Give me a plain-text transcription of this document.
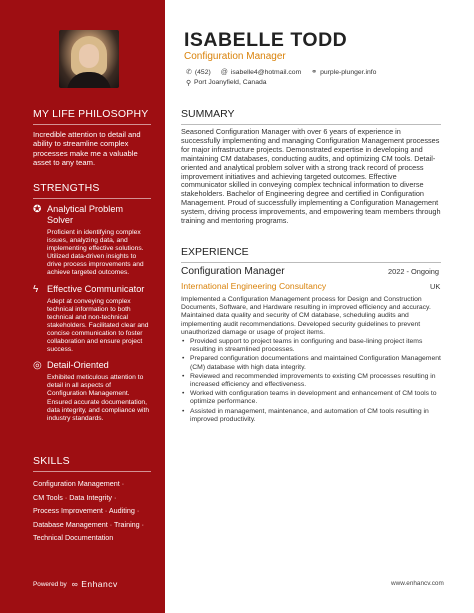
MY LIFE PHILOSOPHY
Incredible attention to detail and ability to streamline complex processes make me a valuable asset to any team.
STRENGTHS
✪ Analytical Problem Solver
Proficient in identifying complex issues, analyzing data, and implementing effective solutions. Utilized data-driven insights to drive process improvements and achieve targeted outcomes.
ϟ Effective Communicator
Adept at conveying complex technical information to both technical and non-technical stakeholders. Facilitated clear and concise communication to foster collaboration and ensure project success.
◎ Detail-Oriented
Exhibited meticulous attention to detail in all aspects of Configuration Management. Ensured accurate documentation, data integrity, and compliance with industry standards.
SKILLS
Configuration Management ·
CM Tools · Data Integrity ·
Process Improvement · Auditing ·
Database Management · Training ·
Technical Documentation
Powered by ∞ Enhancv
ISABELLE TODD
Configuration Manager
✆ (452) @ isabelle4@hotmail.com ⚭ purple-plunger.info
⚲ Port Joanyfield, Canada
SUMMARY
Seasoned Configuration Manager with over 6 years of experience in successfully implementing and managing Configuration Management processes for major infrastructure projects. Demonstrated expertise in developing and maintaining CM databases, conducting audits, and optimizing CM tools. Detail-oriented and analytical problem solver with a strong track record of process improvement initiatives and achieving targeted outcomes. Effective communicator skilled in conveying complex technical information to diverse stakeholders. Bachelor of Engineering degree and certified in Configuration Management. Proud of successfully implementing a Configuration Management system, driving process improvements, and empowering team members through training and mentoring programs.
EXPERIENCE
Configuration Manager	2022 - Ongoing
International Engineering Consultancy	UK
Implemented a Configuration Management process for Design and Construction Documents, Software, and Hardware resulting in improved efficiency and accuracy. Maintained data quality and security of CM database, scheduling audits and implementing audit recommendations. Developed security guidelines to prevent unauthorized damage or usage of project items.
• Provided support to project teams in configuring and base-lining project items resulting in streamlined processes.
• Prepared configuration documentations and maintained Configuration Management (CM) database with high data integrity.
• Reviewed and recommended improvements to existing CM processes resulting in increased efficiency and effectiveness.
• Worked with configuration teams in development and enhancement of CM tools to optimize performance.
• Assisted in management, maintenance, and automation of CM tools resulting in improved productivity.
www.enhancv.com
